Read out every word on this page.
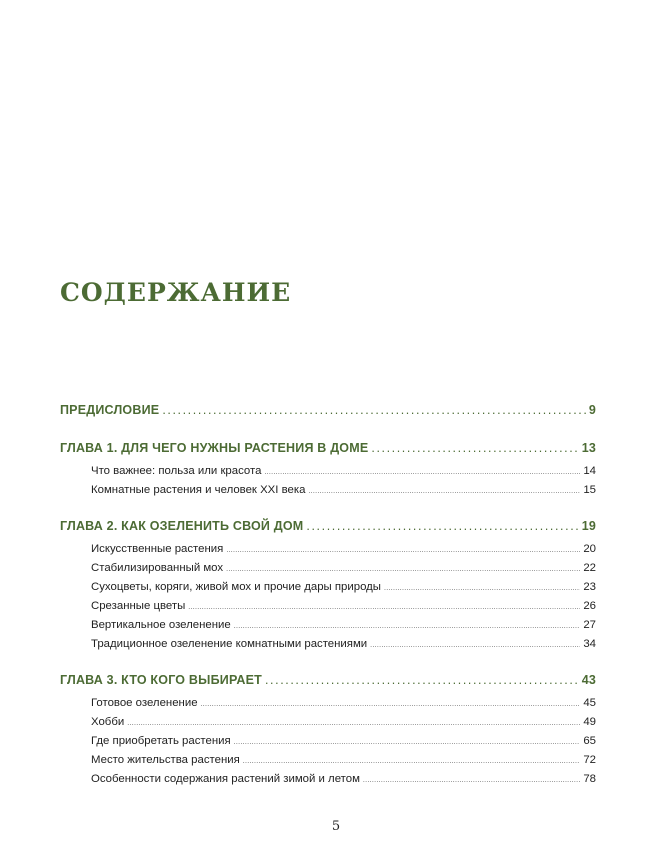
СОДЕРЖАНИЕ
ПРЕДИСЛОВИЕ .....	9
ГЛАВА 1. ДЛЯ ЧЕГО НУЖНЫ РАСТЕНИЯ В ДОМЕ .....	13
Что важнее: польза или красота .....	14
Комнатные растения и человек XXI века .....	15
ГЛАВА 2. КАК ОЗЕЛЕНИТЬ СВОЙ ДОМ .....	19
Искусственные растения .....	20
Стабилизированный мох .....	22
Сухоцветы, коряги, живой мох и прочие дары природы .....	23
Срезанные цветы .....	26
Вертикальное озеленение .....	27
Традиционное озеленение комнатными растениями .....	34
ГЛАВА 3. КТО КОГО ВЫБИРАЕТ .....	43
Готовое озеленение .....	45
Хобби .....	49
Где приобретать растения .....	65
Место жительства растения .....	72
Особенности содержания растений зимой и летом .....	78
5
